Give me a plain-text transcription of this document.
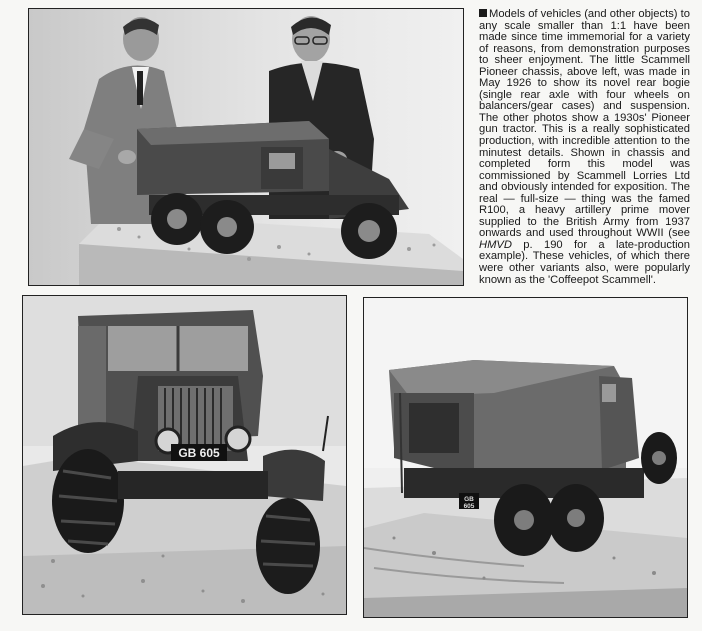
Models of vehicles (and other objects) to any scale smaller than 1:1 have been made since time immemorial for a variety of reasons, from demonstration purposes to sheer enjoyment. The little Scammell Pioneer chassis, above left, was made in May 1926 to show its novel rear bogie (single rear axle with four wheels on balancers/gear cases) and suspension. The other photos show a 1930s' Pioneer gun tractor. This is a really sophisticated production, with incredible attention to the minutest details. Shown in chassis and completed form this model was commissioned by Scammell Lorries Ltd and obviously intended for exposition. The real — full-size — thing was the famed R100, a heavy artillery prime mover supplied to the British Army from 1937 onwards and used throughout WWII (see HMVD p. 190 for a late-production example). These vehicles, of which there were other variants also, were popularly known as the 'Coffeepot Scammell'.

GB 605
GB
605
